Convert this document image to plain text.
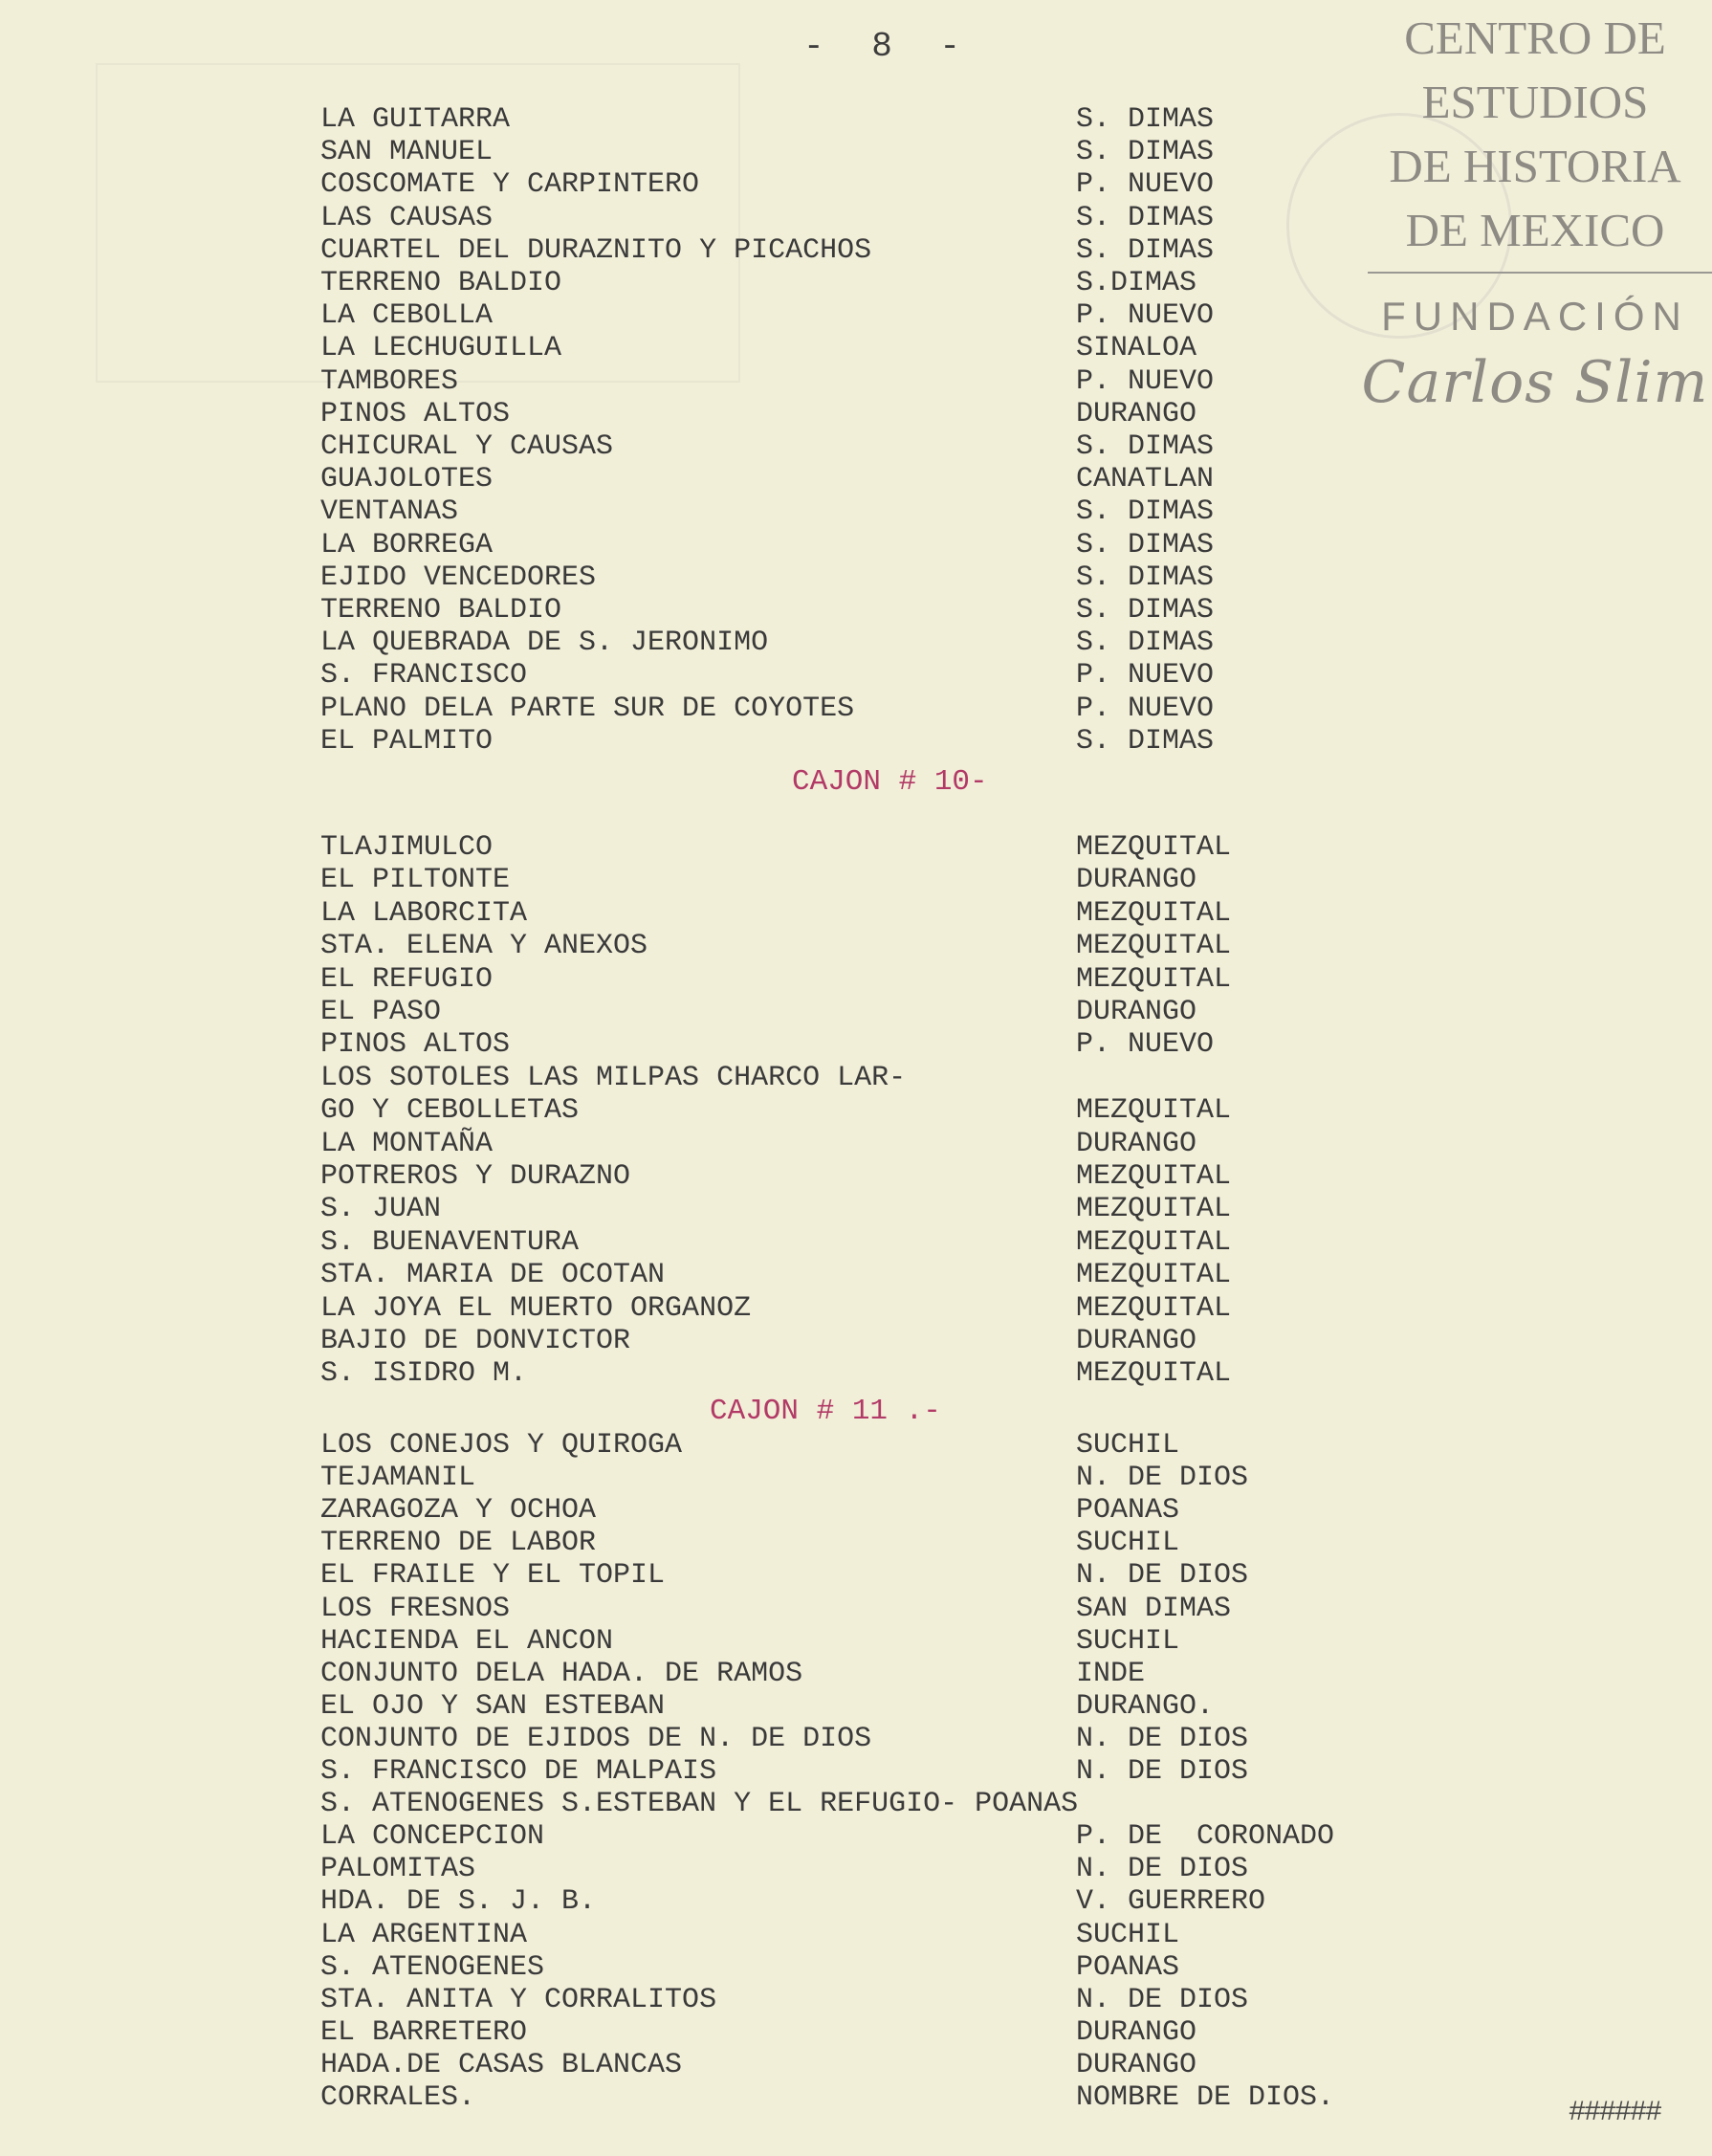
- 8 -	CENTRO DE
ESTUDIOS
DE HISTORIA
DE MEXICO
FUNDACIÓN
Carlos Slim
LA GUITARRA	S. DIMAS
SAN MANUEL	S. DIMAS
COSCOMATE Y CARPINTERO	P. NUEVO
LAS CAUSAS	S. DIMAS
CUARTEL DEL DURAZNITO Y PICACHOS	S. DIMAS
TERRENO BALDIO	S.DIMAS
LA CEBOLLA	P. NUEVO
LA LECHUGUILLA	SINALOA
TAMBORES	P. NUEVO
PINOS ALTOS	DURANGO
CHICURAL Y CAUSAS	S. DIMAS
GUAJOLOTES	CANATLAN
VENTANAS	S. DIMAS
LA BORREGA	S. DIMAS
EJIDO VENCEDORES	S. DIMAS
TERRENO BALDIO	S. DIMAS
LA QUEBRADA DE S. JERONIMO	S. DIMAS
S. FRANCISCO	P. NUEVO
PLANO DELA PARTE SUR DE COYOTES	P. NUEVO
EL PALMITO	S. DIMAS
TLAJIMULCO	MEZQUITAL
EL PILTONTE	DURANGO
LA LABORCITA	MEZQUITAL
STA. ELENA Y ANEXOS	MEZQUITAL
EL REFUGIO	MEZQUITAL
EL PASO	DURANGO
PINOS ALTOS	P. NUEVO
LOS SOTOLES LAS MILPAS CHARCO LAR-
GO Y CEBOLLETAS	MEZQUITAL
LA MONTAÑA	DURANGO
POTREROS Y DURAZNO	MEZQUITAL
S. JUAN	MEZQUITAL
S. BUENAVENTURA	MEZQUITAL
STA. MARIA DE OCOTAN	MEZQUITAL
LA JOYA EL MUERTO ORGANOZ	MEZQUITAL
BAJIO DE DONVICTOR	DURANGO
S. ISIDRO M.	MEZQUITAL
LOS CONEJOS Y QUIROGA	SUCHIL
TEJAMANIL	N. DE DIOS
ZARAGOZA Y OCHOA	POANAS
TERRENO DE LABOR	SUCHIL
EL FRAILE Y EL TOPIL	N. DE DIOS
LOS FRESNOS	SAN DIMAS
HACIENDA EL ANCON	SUCHIL
CONJUNTO DELA HADA. DE RAMOS	INDE
EL OJO Y SAN ESTEBAN	DURANGO.
CONJUNTO DE EJIDOS DE N. DE DIOS	N. DE DIOS
S. FRANCISCO DE MALPAIS	N. DE DIOS
S. ATENOGENES S.ESTEBAN Y EL REFUGIO- POANAS
LA CONCEPCION	P. DE  CORONADO
PALOMITAS	N. DE DIOS
HDA. DE S. J. B.	V. GUERRERO
LA ARGENTINA	SUCHIL
S. ATENOGENES	POANAS
STA. ANITA Y CORRALITOS	N. DE DIOS
EL BARRETERO	DURANGO
HADA.DE CASAS BLANCAS	DURANGO
CORRALES.	NOMBRE DE DIOS.
CAJON # 10-
CAJON # 11 .-
######
